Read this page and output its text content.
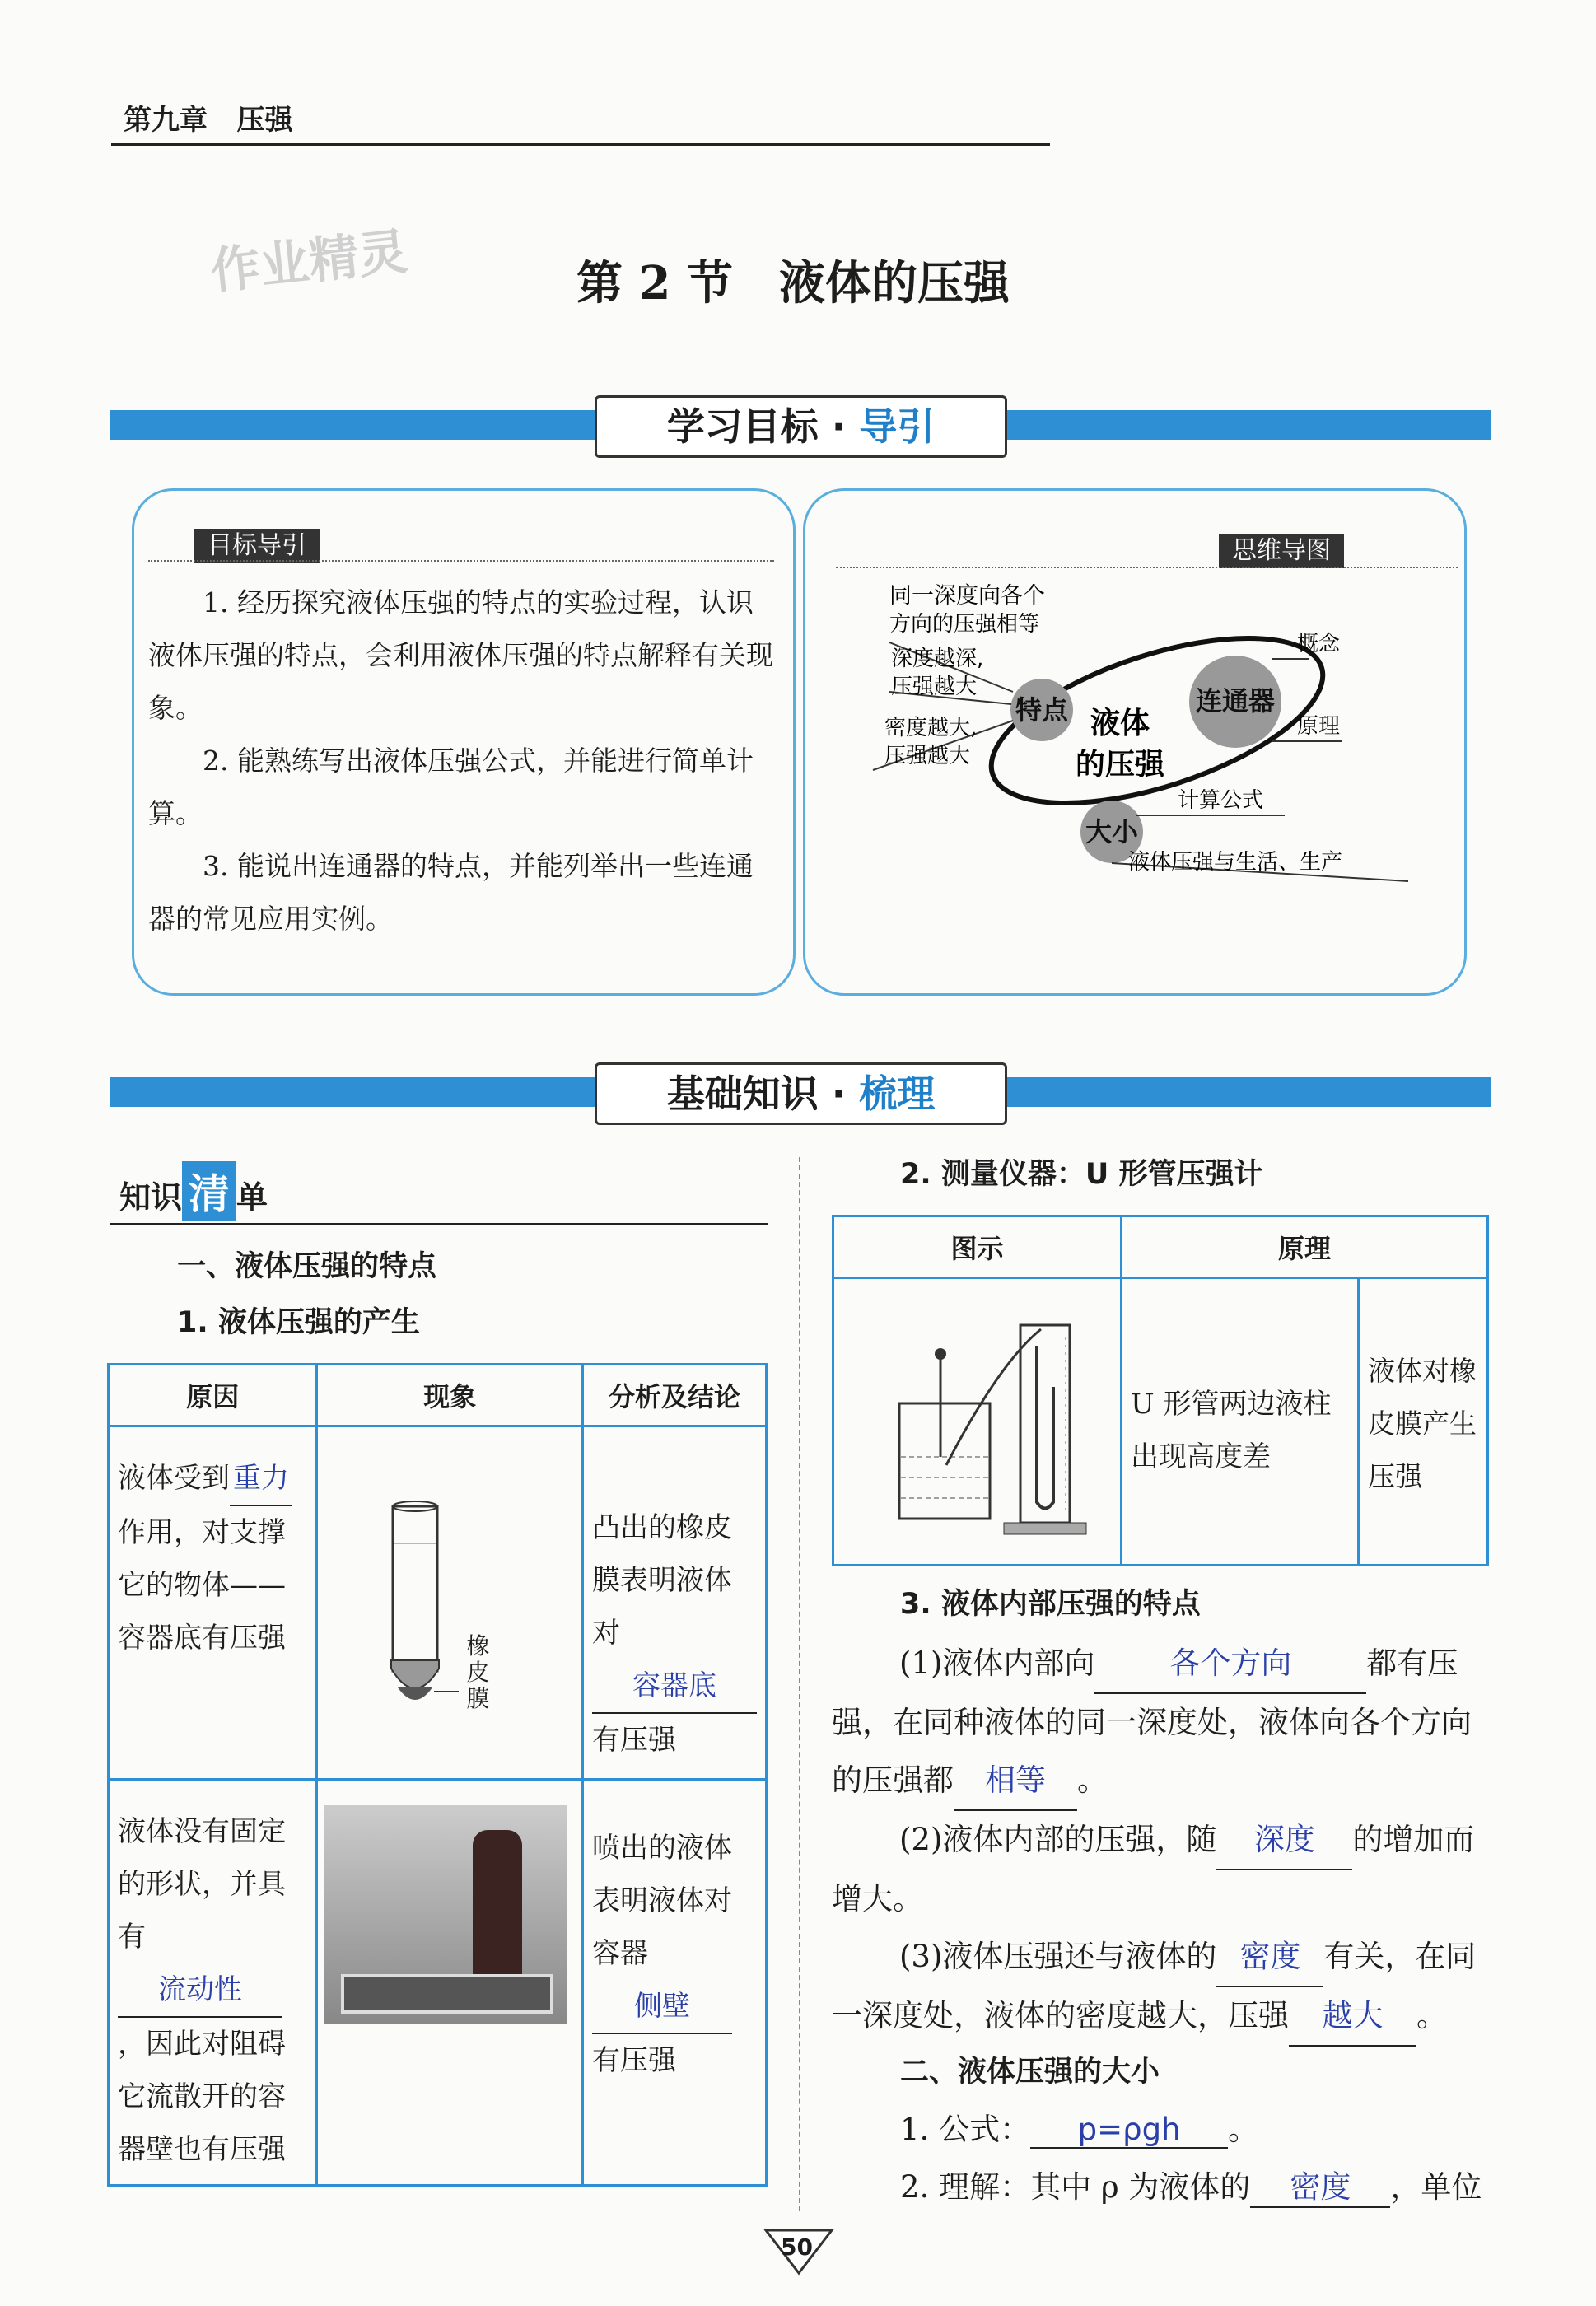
第九章 压强
作业精灵	第 2 节　液体的压强
学习目标 · 导引
目标导引
1. 经历探究液体压强的特点的实验过程，认识液体压强的特点，会利用液体压强的特点解释有关现象。
2. 能熟练写出液体压强公式，并能进行简单计算。
3. 能说出连通器的特点，并能列举出一些连通器的常见应用实例。
思维导图
特点	连通器
大小
液体
的压强
同一深度向各个
方向的压强相等
深度越深,
压强越大
密度越大,
压强越大
概念
原理
计算公式
液体压强与生活、生产
基础知识 · 梳理
知识 清 单
一、液体压强的特点
1. 液体压强的产生
原因	现象	分析及结论
液体受到 重力作用，对支撑它的物体——容器底有压强	橡皮膜	凸出的橡皮膜表明液体对容器底有压强
液体没有固定的形状，并具有流动性，因此对阻碍它流散开的容器壁也有压强		喷出的液体表明液体对容器侧壁有压强
2. 测量仪器：U 形管压强计
图示	原理	
	U 形管两边液柱出现高度差	液体对橡皮膜产生压强
3. 液体内部压强的特点
(1)液体内部向 各个方向 都有压强，在同种液体的同一深度处，液体向各个方向的压强都 相等 。
(2)液体内部的压强，随 深度 的增加而增大。
(3)液体压强还与液体的 密度 有关，在同一深度处，液体的密度越大，压强 越大 。
二、液体压强的大小
1. 公式： p=ρgh 。
2. 理解：其中 ρ 为液体的 密度 ，单位
50
